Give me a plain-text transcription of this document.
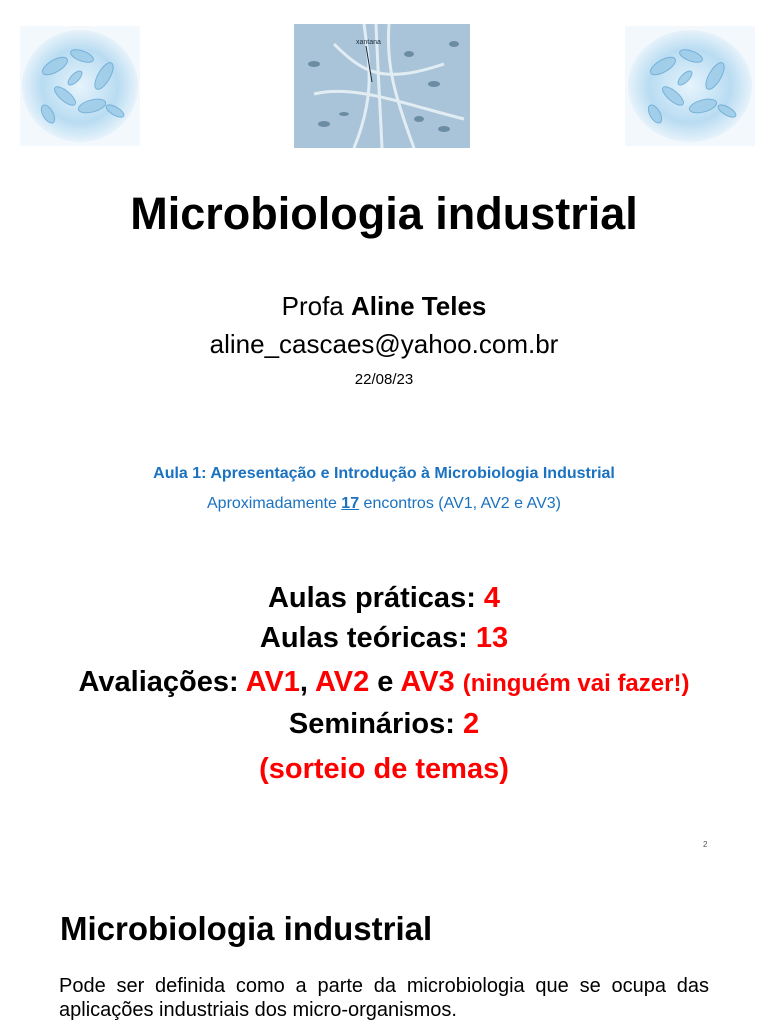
xantana
Microbiologia industrial
Profa Aline Teles
aline_cascaes@yahoo.com.br
22/08/23
Aula 1: Apresentação e Introdução à Microbiologia Industrial
Aproximadamente 17 encontros (AV1, AV2 e AV3)
Aulas práticas: 4
Aulas teóricas: 13
Avaliações: AV1, AV2 e AV3 (ninguém vai fazer!)
Seminários: 2
(sorteio de temas)
2
Microbiologia industrial
Pode ser definida como a parte da microbiologia que se ocupa das aplicações industriais dos micro-organismos.
